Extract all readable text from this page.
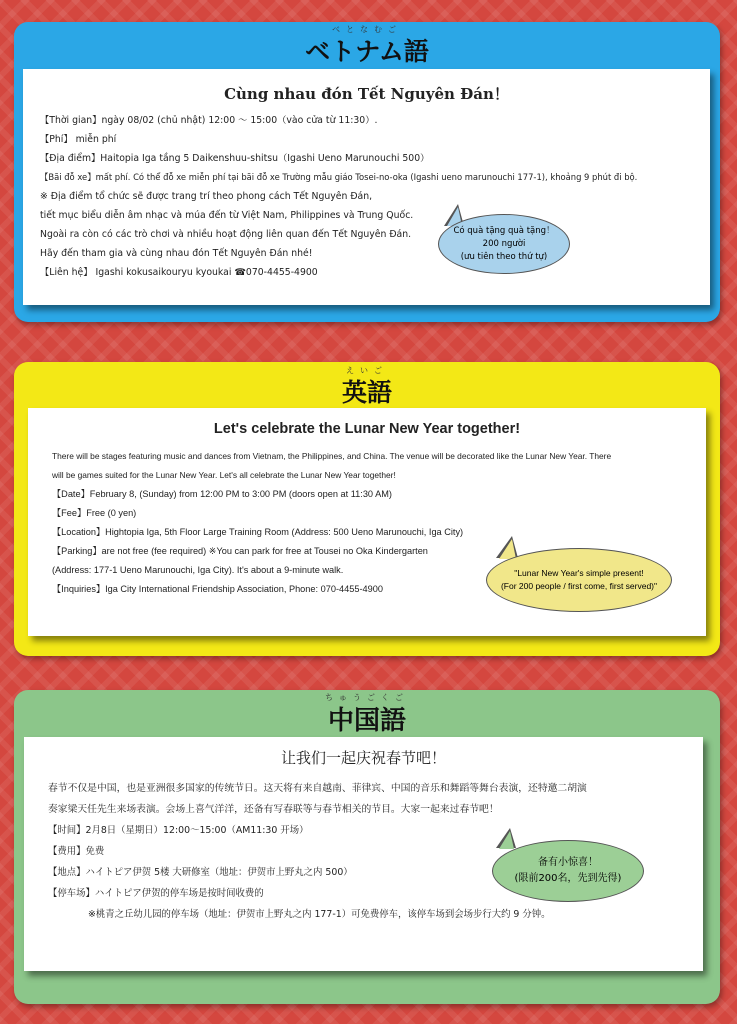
べとなむご
ベトナム語
Cùng nhau đón Tết Nguyên Đán！

【Thời gian】ngày 08/02 (chủ nhật) 12:00 ～ 15:00（vào cửa từ 11:30）.

【Phí】 miễn phí

【Địa điểm】Haitopia Iga tầng 5 Daikenshuu-shitsu（Igashi Ueno Marunouchi 500）

【Bãi đỗ xe】mất phí. Có thể đỗ xe miễn phí tại bãi đỗ xe Trường mẫu giáo Tosei-no-oka (Igashi ueno marunouchi 177-1), khoảng 9 phút đi bộ.

※ Địa điểm tổ chức sẽ được trang trí theo phong cách Tết Nguyên Đán,

tiết mục biểu diễn âm nhạc và múa đến từ Việt Nam, Philippines và Trung Quốc.

Ngoài ra còn có các trò chơi và nhiều hoạt động liên quan đến Tết Nguyên Đán.

Hãy đến tham gia và cùng nhau đón Tết Nguyên Đán nhé!

【Liên hệ】 Igashi kokusaikouryu kyoukai ☎070-4455-4900

Có quà tặng quà tặng！
200 người
(ưu tiên theo thứ tự)
えいご
英語
Let's celebrate the Lunar New Year together!

There will be stages featuring music and dances from Vietnam, the Philippines, and China. The venue will be decorated like the Lunar New Year. There

will be games suited for the Lunar New Year. Let's all celebrate the Lunar New Year together!

【Date】February 8, (Sunday) from 12:00 PM to 3:00 PM (doors open at 11:30 AM)

【Fee】Free (0 yen)

【Location】Hightopia Iga, 5th Floor Large Training Room (Address: 500 Ueno Marunouchi, Iga City)

【Parking】are not free (fee required) ※You can park for free at Tousei no Oka Kindergarten

(Address: 177-1 Ueno Marunouchi, Iga City). It's about a 9-minute walk.

【Inquiries】Iga City International Friendship Association, Phone: 070-4455-4900

"Lunar New Year's simple present!
(For 200 people / first come, first served)"
ちゅうごくご
中国語
让我们一起庆祝春节吧！

春节不仅是中国，也是亚洲很多国家的传统节日。这天将有来自越南、菲律宾、中国的音乐和舞蹈等舞台表演，还特邀二胡演

奏家梁天任先生来场表演。会场上喜气洋洋，还备有写春联等与春节相关的节目。大家一起来过春节吧！

【时间】2月8日（星期日）12:00～15:00（AM11:30 开场）

【费用】免费

【地点】ハイトピア伊贺 5楼 大研修室（地址：伊贺市上野丸之内 500）

【停车场】ハイトピア伊贺的停车场是按时间收费的

※桃青之丘幼儿园的停车场（地址：伊贺市上野丸之内 177-1）可免费停车，该停车场到会场步行大约 9 分钟。

备有小惊喜！
(限前200名，先到先得)
